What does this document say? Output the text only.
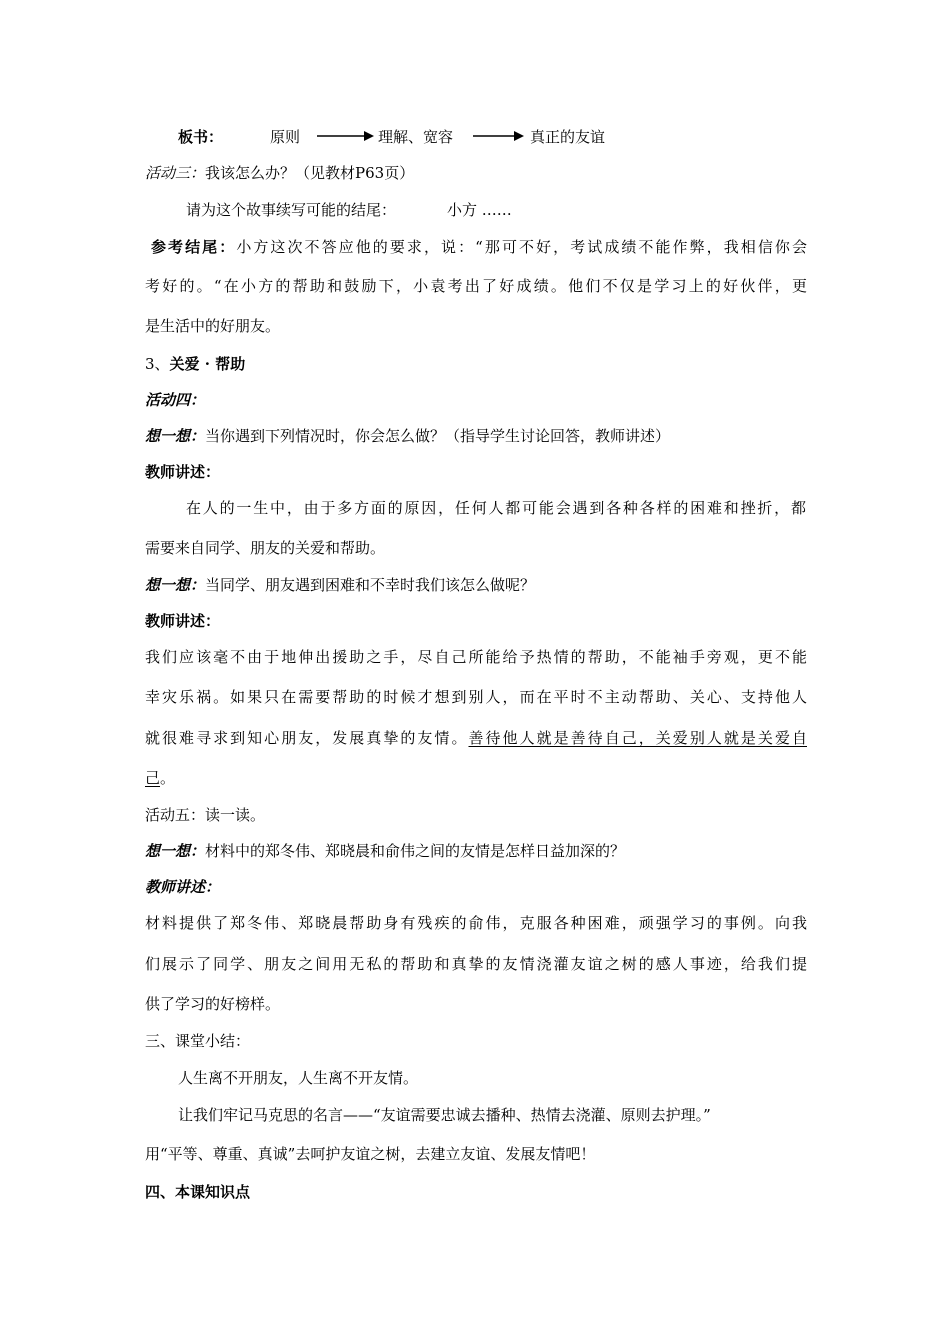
板书：	原则	理解、宽容	真正的友谊
活动三：我该怎么办？（见教材P63页）
请为这个故事续写可能的结尾：	小方 ……
参考结尾：小方这次不答应他的要求，说：“那可不好，考试成绩不能作弊，我相信你会
考好的。“在小方的帮助和鼓励下，小袁考出了好成绩。他们不仅是学习上的好伙伴，更
是生活中的好朋友。
3、关爱 · 帮助
活动四：
想一想：当你遇到下列情况时，你会怎么做？（指导学生讨论回答，教师讲述）
教师讲述：
在人的一生中，由于多方面的原因，任何人都可能会遇到各种各样的困难和挫折，都
需要来自同学、朋友的关爱和帮助。
想一想：当同学、朋友遇到困难和不幸时我们该怎么做呢？
教师讲述：
我们应该毫不由于地伸出援助之手，尽自己所能给予热情的帮助，不能袖手旁观，更不能
幸灾乐祸。如果只在需要帮助的时候才想到别人，而在平时不主动帮助、关心、支持他人
就很难寻求到知心朋友，发展真挚的友情。善待他人就是善待自己，关爱别人就是关爱自
己。
活动五：读一读。
想一想：材料中的郑冬伟、郑晓晨和俞伟之间的友情是怎样日益加深的？
教师讲述：
材料提供了郑冬伟、郑晓晨帮助身有残疾的俞伟，克服各种困难，顽强学习的事例。向我
们展示了同学、朋友之间用无私的帮助和真挚的友情浇灌友谊之树的感人事迹，给我们提
供了学习的好榜样。
三、课堂小结：
人生离不开朋友，人生离不开友情。
让我们牢记马克思的名言——“友谊需要忠诚去播种、热情去浇灌、原则去护理。”
用“平等、尊重、真诚”去呵护友谊之树，去建立友谊、发展友情吧！
四、本课知识点
